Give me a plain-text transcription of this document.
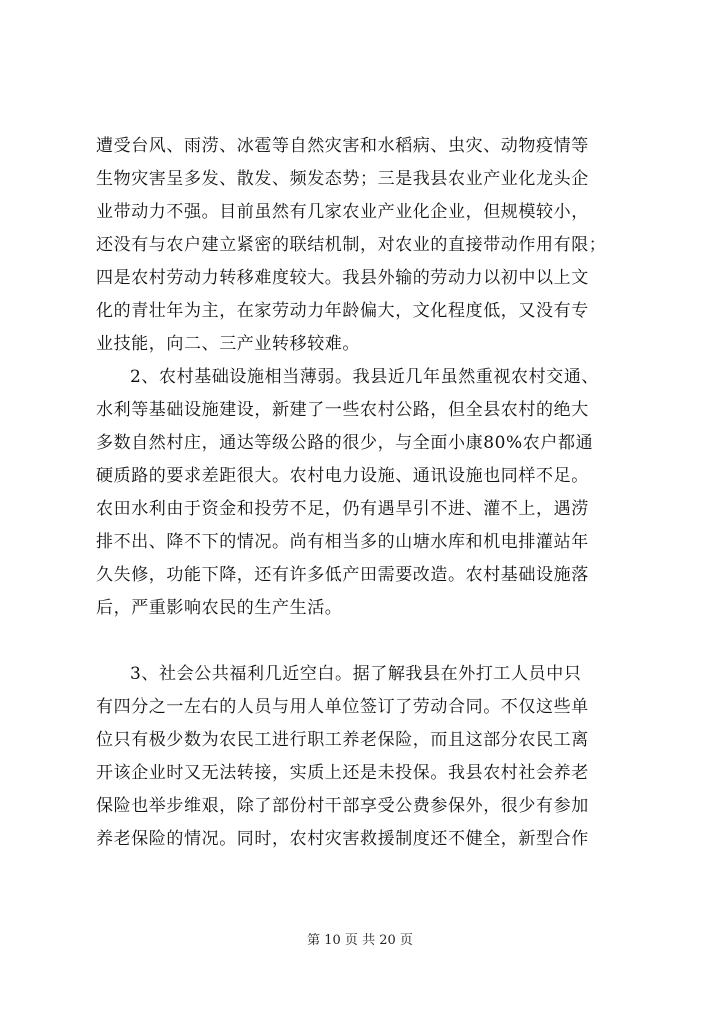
遭受台风、雨涝、冰雹等自然灾害和水稻病、虫灾、动物疫情等
生物灾害呈多发、散发、频发态势；三是我县农业产业化龙头企
业带动力不强。目前虽然有几家农业产业化企业，但规模较小，
还没有与农户建立紧密的联结机制，对农业的直接带动作用有限；
四是农村劳动力转移难度较大。我县外输的劳动力以初中以上文
化的青壮年为主，在家劳动力年龄偏大，文化程度低，又没有专
业技能，向二、三产业转移较难。
2、农村基础设施相当薄弱。我县近几年虽然重视农村交通、
水利等基础设施建设，新建了一些农村公路，但全县农村的绝大
多数自然村庄，通达等级公路的很少，与全面小康80%农户都通
硬质路的要求差距很大。农村电力设施、通讯设施也同样不足。
农田水利由于资金和投劳不足，仍有遇旱引不进、灌不上，遇涝
排不出、降不下的情况。尚有相当多的山塘水库和机电排灌站年
久失修，功能下降，还有许多低产田需要改造。农村基础设施落
后，严重影响农民的生产生活。
3、社会公共福利几近空白。据了解我县在外打工人员中只
有四分之一左右的人员与用人单位签订了劳动合同。不仅这些单
位只有极少数为农民工进行职工养老保险，而且这部分农民工离
开该企业时又无法转接，实质上还是未投保。我县农村社会养老
保险也举步维艰，除了部份村干部享受公费参保外，很少有参加
养老保险的情况。同时，农村灾害救援制度还不健全，新型合作
第 10 页 共 20 页
